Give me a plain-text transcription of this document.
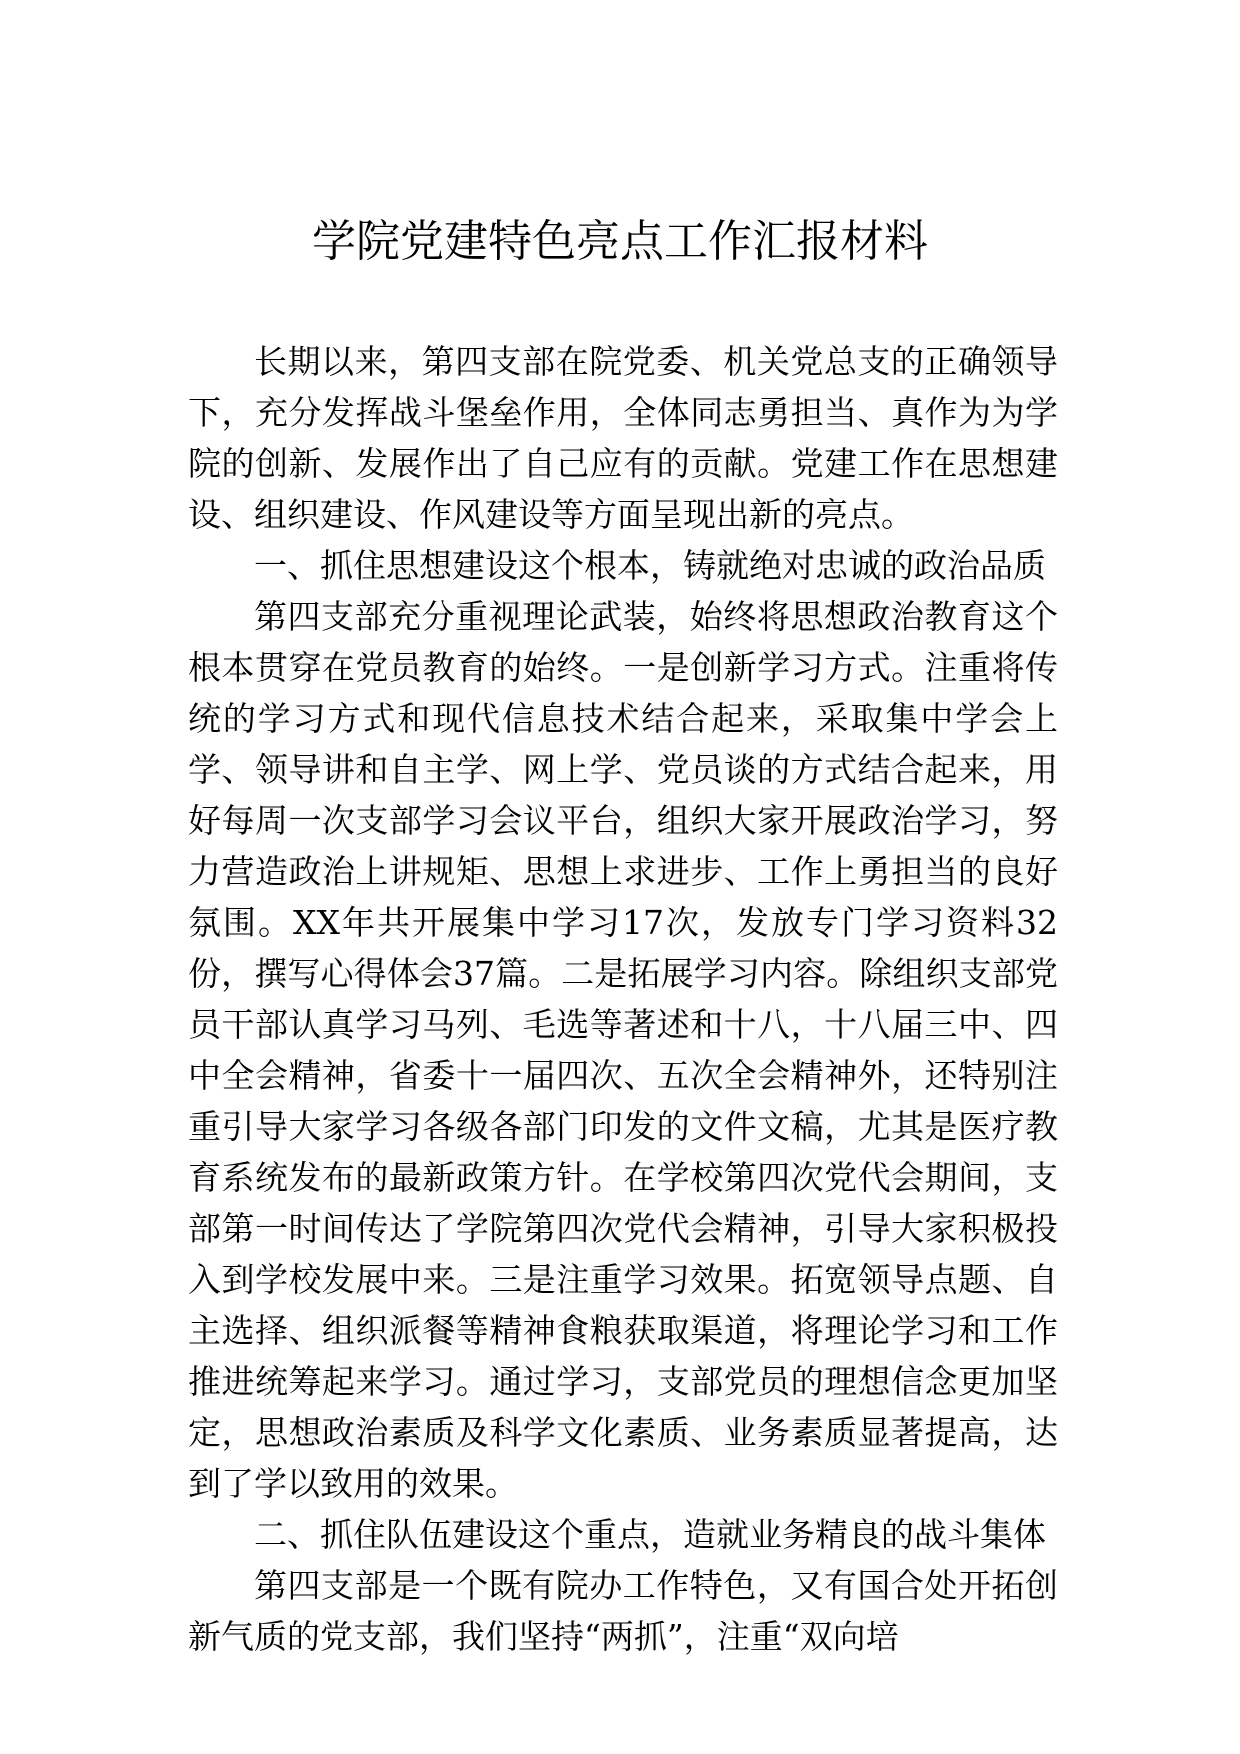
学院党建特色亮点工作汇报材料

长期以来，第四支部在院党委、机关党总支的正确领导下，充分发挥战斗堡垒作用，全体同志勇担当、真作为为学院的创新、发展作出了自己应有的贡献。党建工作在思想建设、组织建设、作风建设等方面呈现出新的亮点。

一、抓住思想建设这个根本，铸就绝对忠诚的政治品质

第四支部充分重视理论武装，始终将思想政治教育这个根本贯穿在党员教育的始终。一是创新学习方式。注重将传统的学习方式和现代信息技术结合起来，采取集中学会上学、领导讲和自主学、网上学、党员谈的方式结合起来，用好每周一次支部学习会议平台，组织大家开展政治学习，努力营造政治上讲规矩、思想上求进步、工作上勇担当的良好氛围。XX年共开展集中学习17次，发放专门学习资料32份，撰写心得体会37篇。二是拓展学习内容。除组织支部党员干部认真学习马列、毛选等著述和十八，十八届三中、四中全会精神，省委十一届四次、五次全会精神外，还特别注重引导大家学习各级各部门印发的文件文稿，尤其是医疗教育系统发布的最新政策方针。在学校第四次党代会期间，支部第一时间传达了学院第四次党代会精神，引导大家积极投入到学校发展中来。三是注重学习效果。拓宽领导点题、自主选择、组织派餐等精神食粮获取渠道，将理论学习和工作推进统筹起来学习。通过学习，支部党员的理想信念更加坚定，思想政治素质及科学文化素质、业务素质显著提高，达到了学以致用的效果。

二、抓住队伍建设这个重点，造就业务精良的战斗集体

第四支部是一个既有院办工作特色，又有国合处开拓创新气质的党支部，我们坚持“两抓”，注重“双向培
